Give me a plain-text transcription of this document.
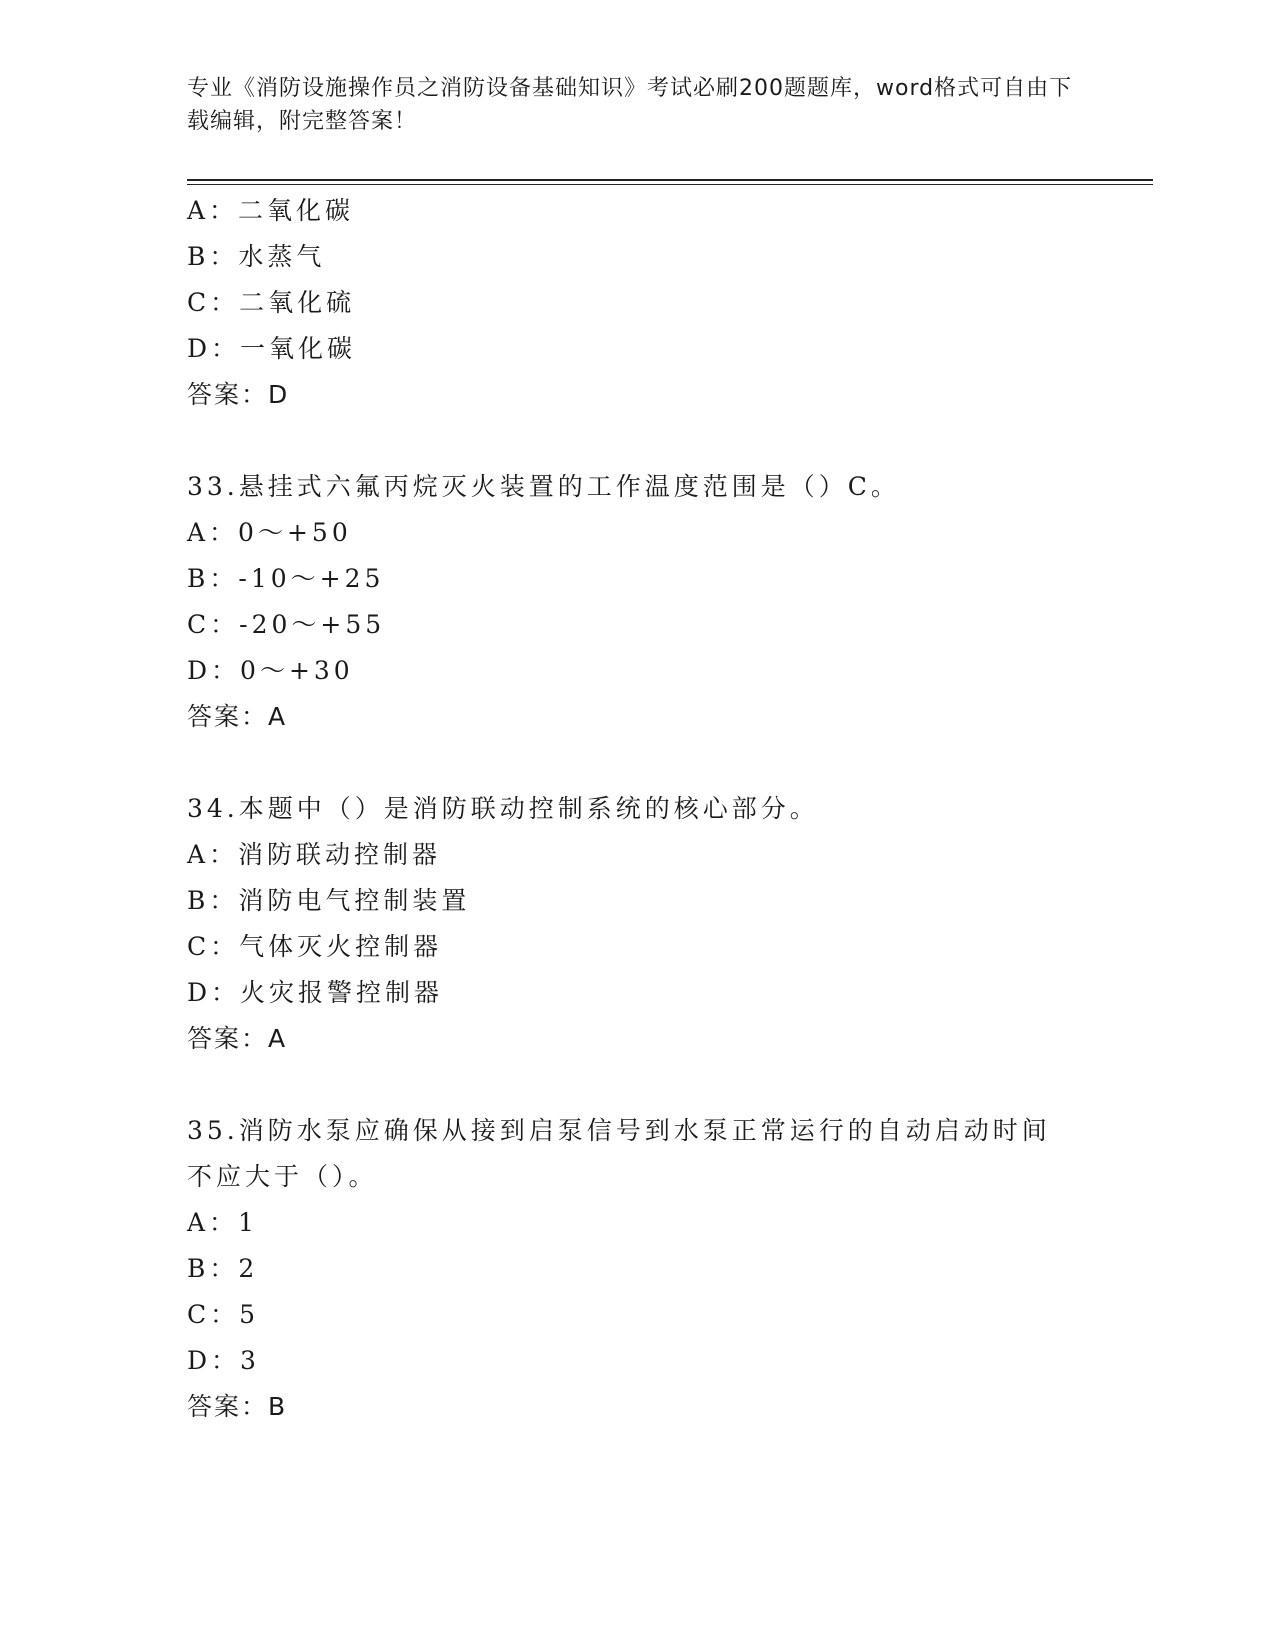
专业《消防设施操作员之消防设备基础知识》考试必刷200题题库，word格式可自由下载编辑，附完整答案！
A：二氧化碳
B：水蒸气
C：二氧化硫
D：一氧化碳
答案：D
33.悬挂式六氟丙烷灭火装置的工作温度范围是（）C。
A：0～+50
B：-10～+25
C：-20～+55
D：0～+30
答案：A
34.本题中（）是消防联动控制系统的核心部分。
A：消防联动控制器
B：消防电气控制装置
C：气体灭火控制器
D：火灾报警控制器
答案：A
35.消防水泵应确保从接到启泵信号到水泵正常运行的自动启动时间不应大于（）。
A：1
B：2
C：5
D：3
答案：B
